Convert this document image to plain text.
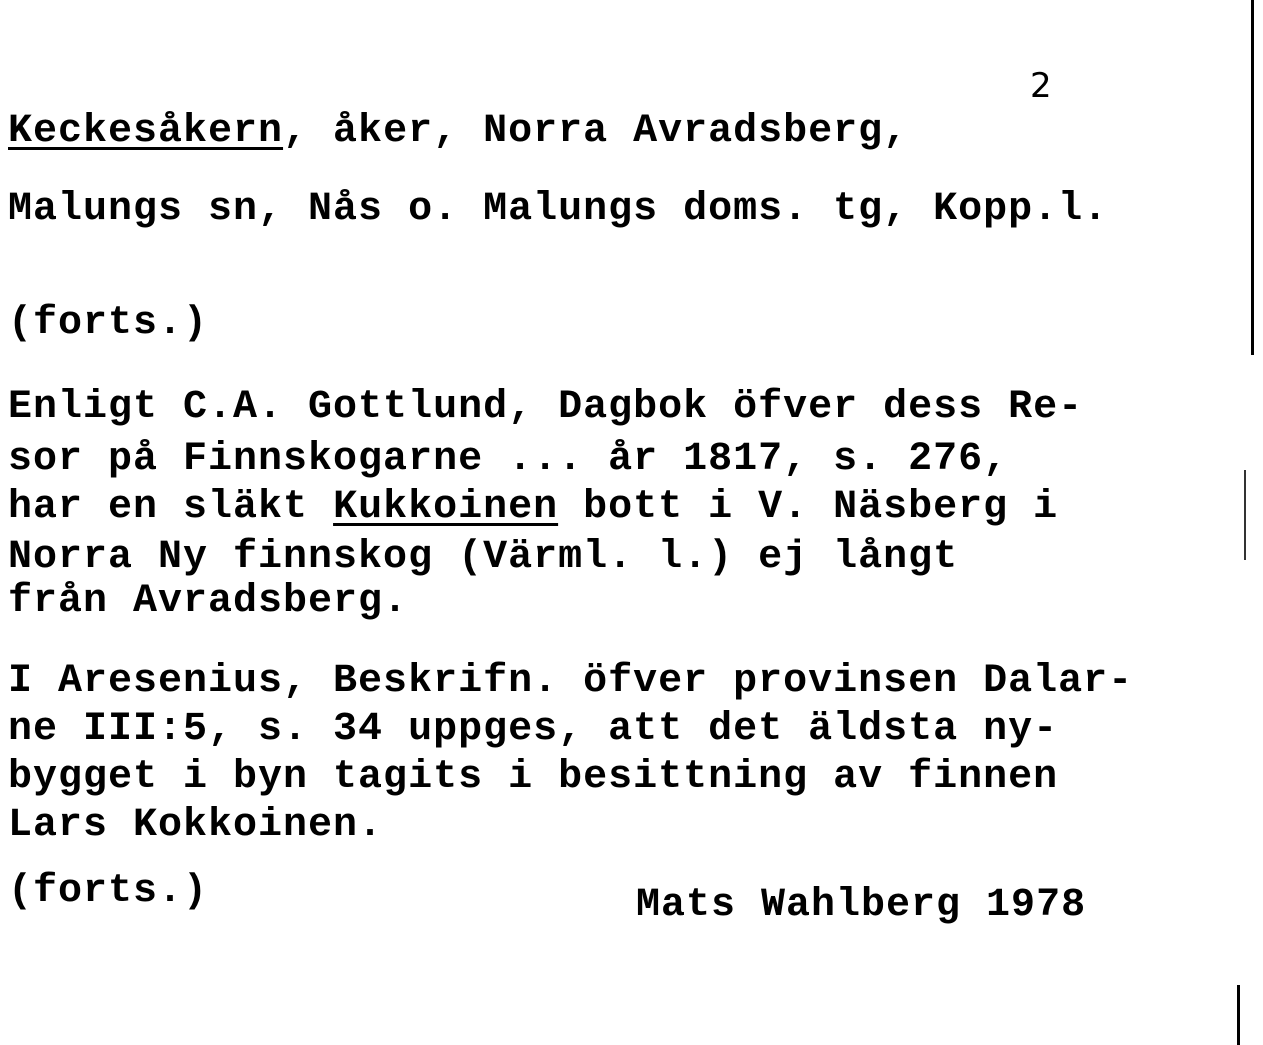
2
Keckesåkern, åker, Norra Avradsberg,
Malungs sn, Nås o. Malungs doms. tg, Kopp.l.
(forts.)
Enligt C.A. Gottlund, Dagbok öfver dess Re-
sor på Finnskogarne ... år 1817, s. 276,
har en släkt Kukkoinen bott i V. Näsberg i
Norra Ny finnskog (Värml. l.) ej långt
från Avradsberg.
I Aresenius, Beskrifn. öfver provinsen Dalar-
ne III:5, s. 34 uppges, att det äldsta ny-
bygget i byn tagits i besittning av finnen
Lars Kokkoinen.
(forts.)	Mats Wahlberg 1978
